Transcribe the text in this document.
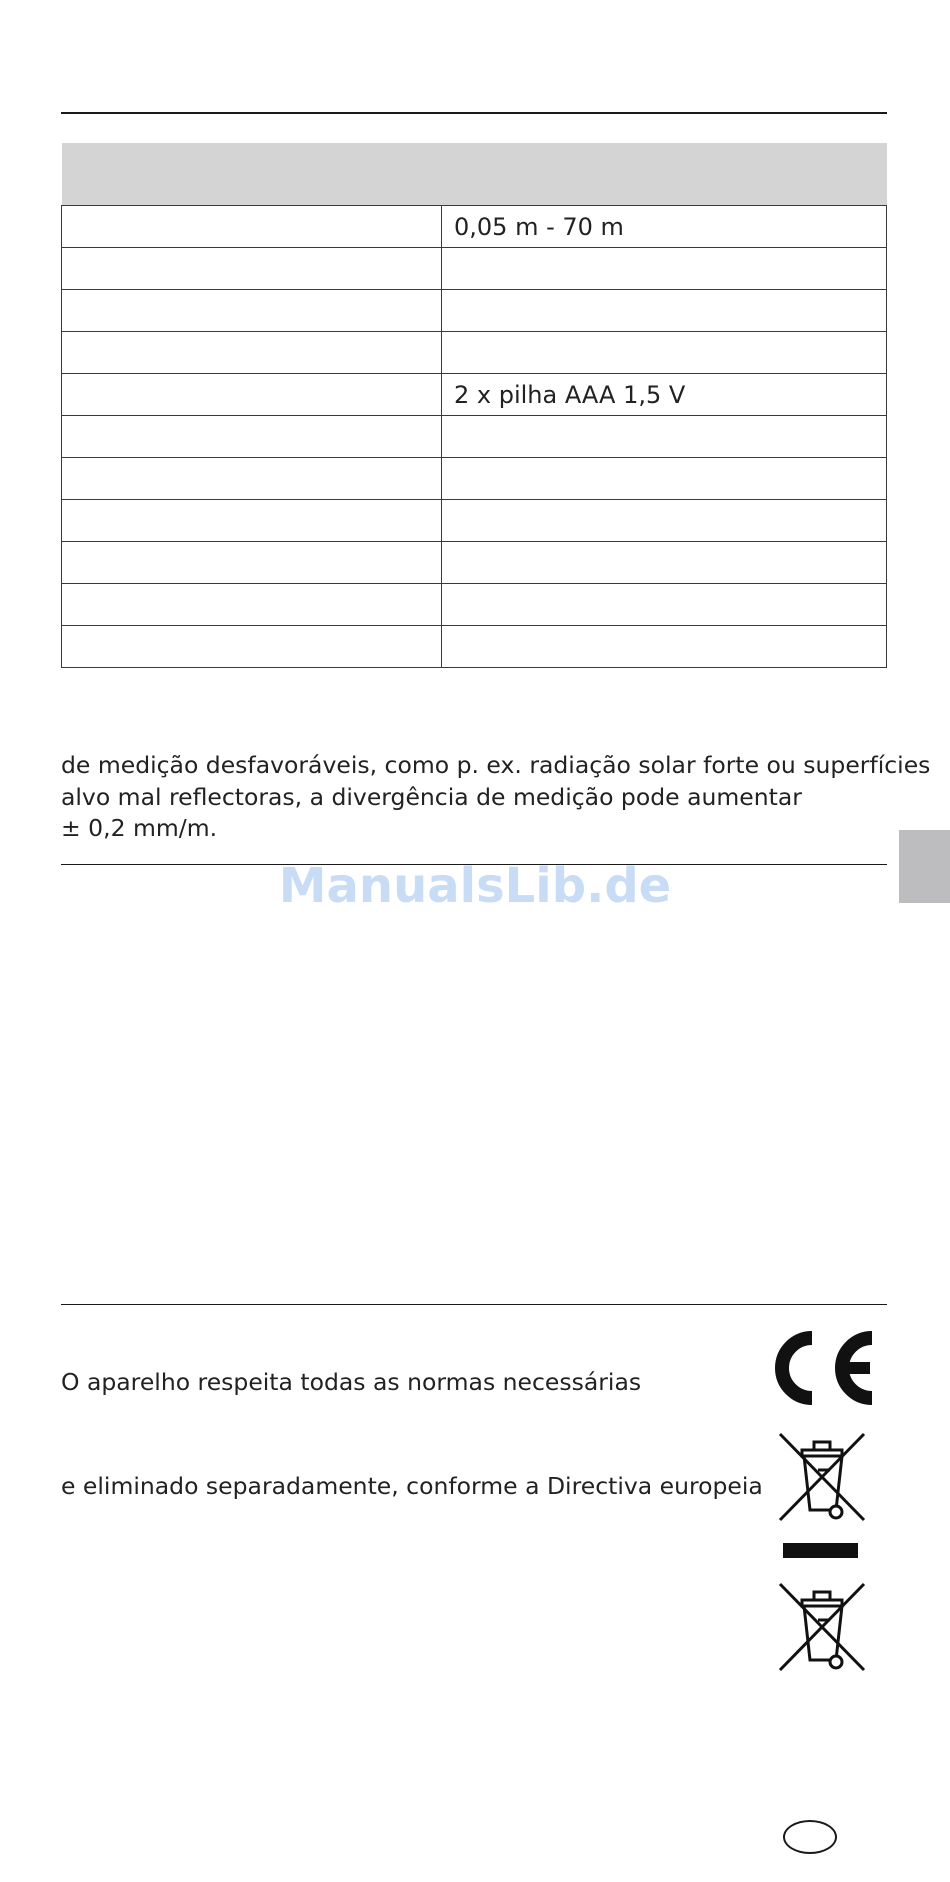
	0,05 m - 70 m

	2 x pilha AAA 1,5 V

de medição desfavoráveis, como p. ex. radiação solar forte ou superfícies
alvo mal reflectoras, a divergência de medição pode aumentar
± 0,2 mm/m.
ManualsLib.de
O aparelho respeita todas as normas necessárias
e eliminado separadamente, conforme a Directiva europeia
